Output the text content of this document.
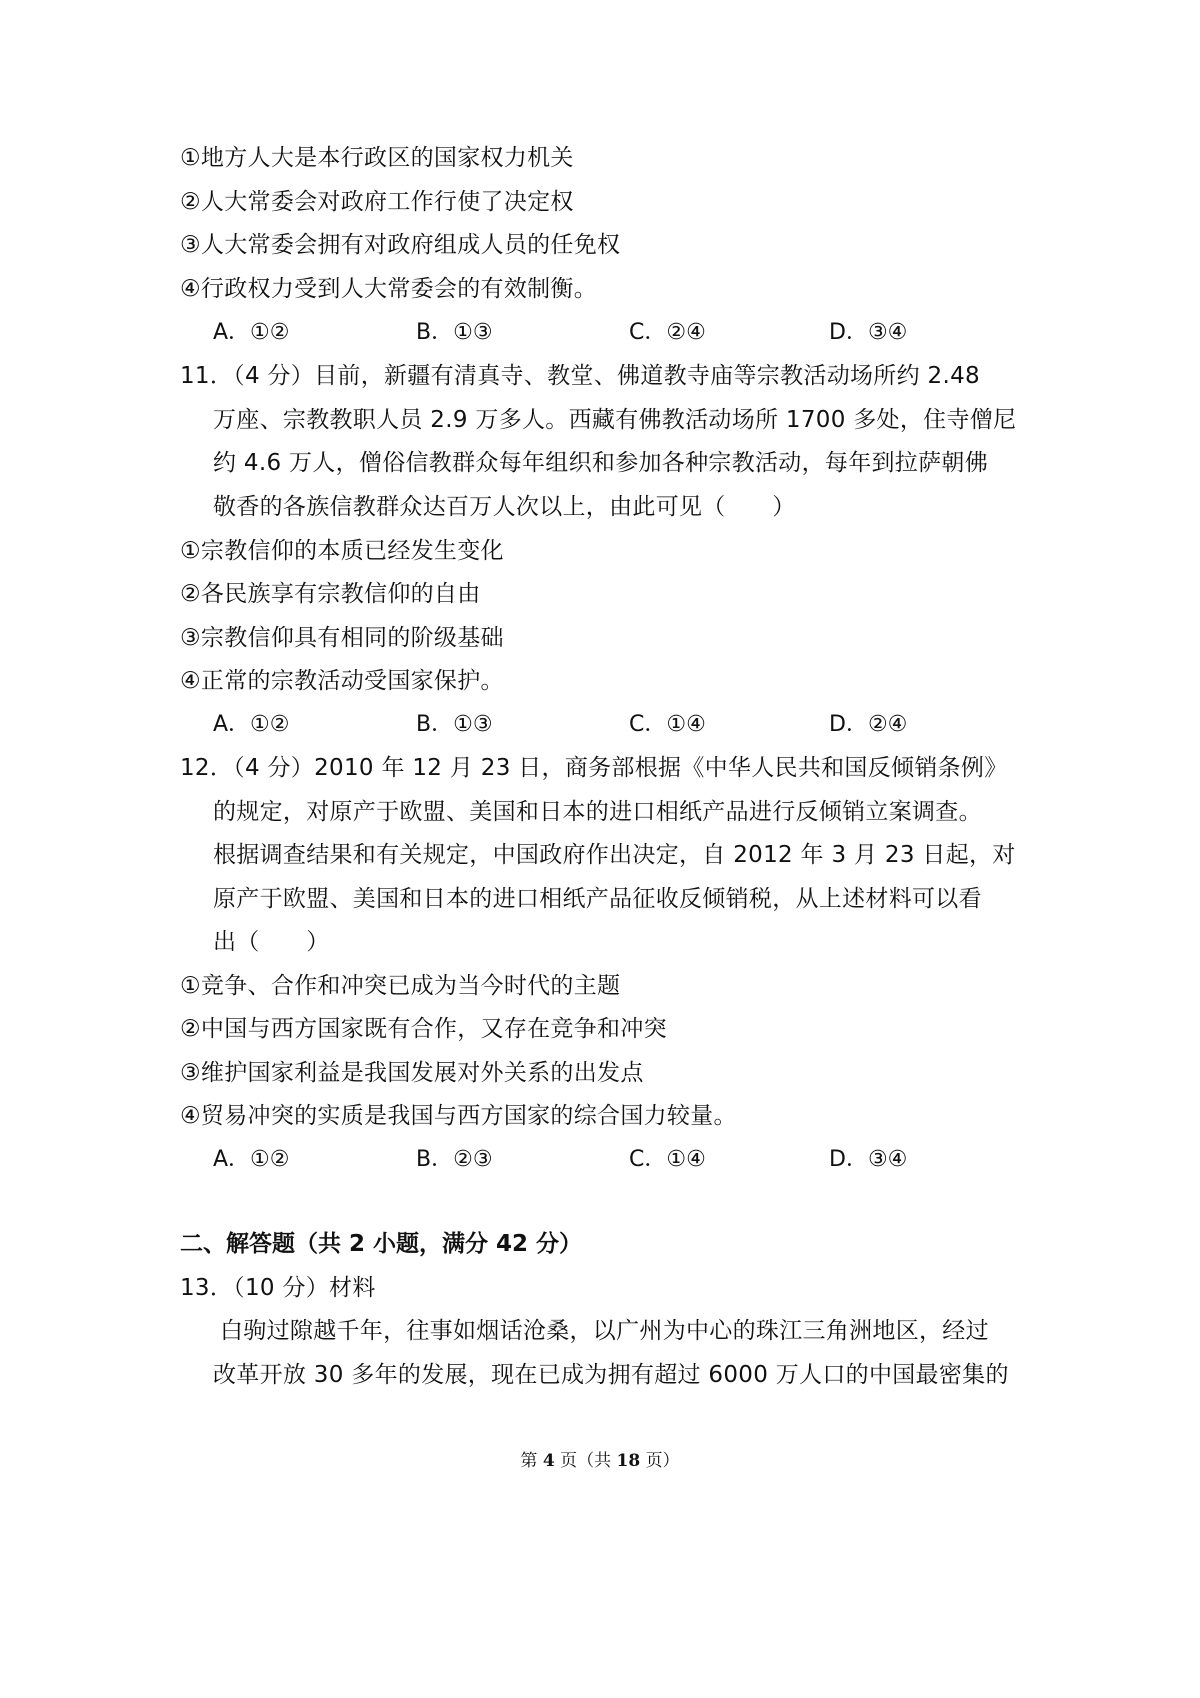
①地方人大是本行政区的国家权力机关
②人大常委会对政府工作行使了决定权
③人大常委会拥有对政府组成人员的任免权
④行政权力受到人大常委会的有效制衡。
A．①②	B．①③	C．②④	D．③④
11．（4 分）目前，新疆有清真寺、教堂、佛道教寺庙等宗教活动场所约 2.48
万座、宗教教职人员 2.9 万多人。西藏有佛教活动场所 1700 多处，住寺僧尼
约 4.6 万人，僧俗信教群众每年组织和参加各种宗教活动，每年到拉萨朝佛
敬香的各族信教群众达百万人次以上，由此可见（　　）
①宗教信仰的本质已经发生变化
②各民族享有宗教信仰的自由
③宗教信仰具有相同的阶级基础
④正常的宗教活动受国家保护。
A．①②	B．①③	C．①④	D．②④
12．（4 分）2010 年 12 月 23 日，商务部根据《中华人民共和国反倾销条例》
的规定，对原产于欧盟、美国和日本的进口相纸产品进行反倾销立案调查。
根据调查结果和有关规定，中国政府作出决定，自 2012 年 3 月 23 日起，对
原产于欧盟、美国和日本的进口相纸产品征收反倾销税，从上述材料可以看
出（　　）
①竞争、合作和冲突已成为当今时代的主题
②中国与西方国家既有合作，又存在竞争和冲突
③维护国家利益是我国发展对外关系的出发点
④贸易冲突的实质是我国与西方国家的综合国力较量。
A．①②	B．②③	C．①④	D．③④
二、解答题（共 2 小题，满分 42 分）
13．（10 分）材料
白驹过隙越千年，往事如烟话沧桑，以广州为中心的珠江三角洲地区，经过
改革开放 30 多年的发展，现在已成为拥有超过 6000 万人口的中国最密集的
第 4 页（共 18 页）
